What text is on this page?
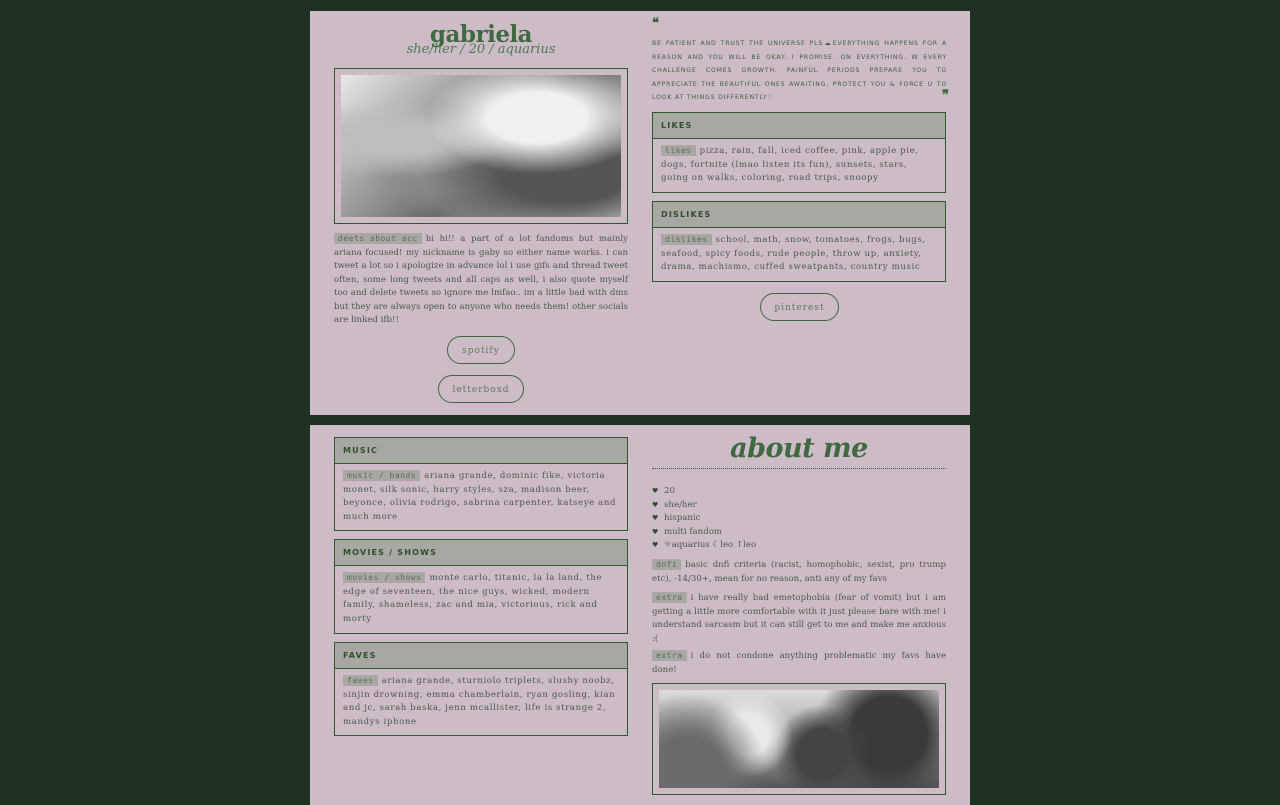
gabriela
she/her / 20 / aquarius
deets about acc hi hi!! a part of a lot fandoms but mainly ariana focused! my nickname is gaby so either name works. i can tweet a lot so i apologize in advance lol i use gifs and thread tweet often, some long tweets and all caps as well, i also quote myself too and delete tweets so ignore me lmfao.. im a little bad with dms but they are always open to anyone who needs them! other socials are linked ifb!!
spotify
letterboxd
❝
BE PATIENT AND TRUST THE UNIVERSE PLS☁EVERYTHING HAPPENS FOR A REASON AND YOU WILL BE OKAY. I PROMISE. ON EVERYTHING. W EVERY CHALLENGE COMES GROWTH. PAINFUL PERIODS PREPARE YOU TO APPRECIATE THE BEAUTIFUL ONES AWAITING, PROTECT YOU & FORCE U TO LOOK AT THINGS DIFFERENTLY♡	❞
LIKES
likes pizza, rain, fall, iced coffee, pink, apple pie, dogs, fortnite (lmao listen its fun), sunsets, stars, going on walks, coloring, road trips, snoopy
DISLIKES
dislikes school, math, snow, tomatoes, frogs, bugs, seafood, spicy foods, rude people, throw up, anxiety, drama, machismo, cuffed sweatpants, country music
pinterest
MUSIC
music / bands ariana grande, dominic fike, victoria monet, silk sonic, harry styles, sza, madison beer, beyonce, olivia rodrigo, sabrina carpenter, katseye and much more
MOVIES / SHOWS
movies / shows monte carlo, titanic, la la land, the edge of seventeen, the nice guys, wicked, modern family, shameless, zac and mia, victorious, rick and morty
FAVES
faves ariana grande, sturniolo triplets, slushy noobz, sinjin drowning, emma chamberlain, ryan gosling, kian and jc, sarah baska, jenn mcallister, life is strange 2, mandys iphone
about me
♥ 20
♥ she/her
♥ hispanic
♥ multi fandom
♥ ☼aquarius ☾leo ↑leo
dnfi basic dnfi criteria (racist, homophobic, sexist, pro trump etc), -14/30+, mean for no reason, anti any of my favs
extra i have really bad emetophobia (fear of vomit) but i am getting a little more comfortable with it just please bare with me! i understand sarcasm but it can still get to me and make me anxious :(
extra i do not condone anything problematic my favs have done!
